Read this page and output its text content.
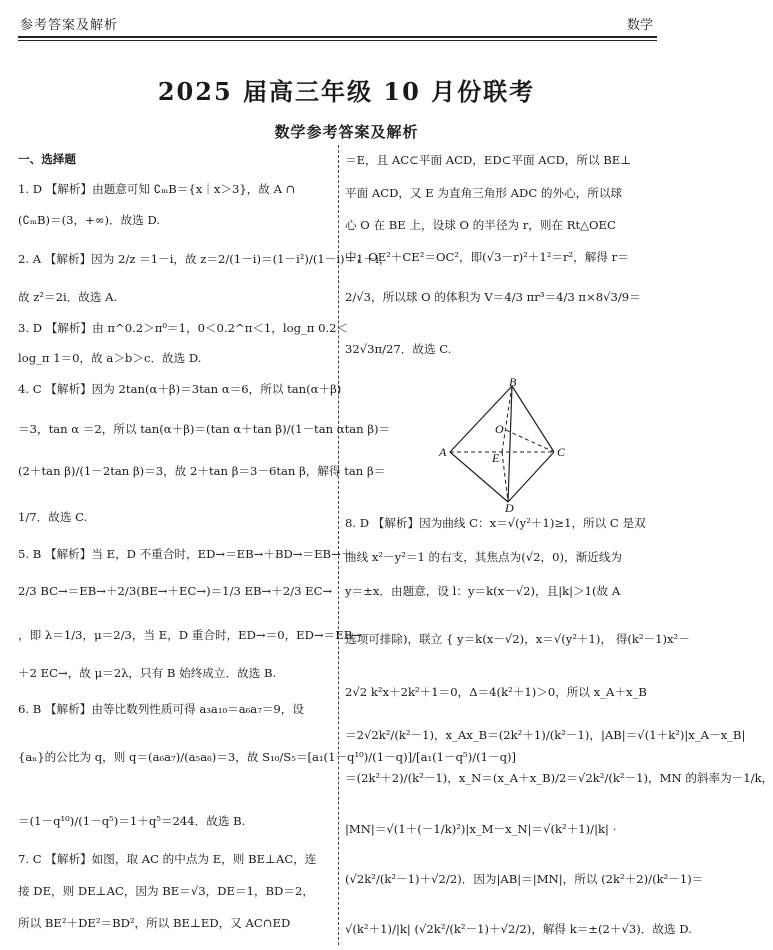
参考答案及解析	数学
2025 届高三年级 10 月份联考
数学参考答案及解析

一、选择题

1. D 【解析】由题意可知 ∁ₘB＝{x｜x＞3}，故 A ∩

(∁ₘB)＝(3，+∞)．故选 D.

2. A 【解析】因为 2/z ＝1－i，故 z＝2/(1－i)＝(1－i²)/(1－i)＝1＋i，

故 z²＝2i．故选 A.

3. D 【解析】由 π^0.2＞π⁰＝1，0＜0.2^π＜1，log_π 0.2＜

log_π 1＝0，故 a＞b＞c．故选 D.

4. C 【解析】因为 2tan(α＋β)＝3tan α＝6，所以 tan(α＋β)

＝3，tan α ＝2，所以 tan(α＋β)＝(tan α＋tan β)/(1－tan αtan β)＝

(2＋tan β)/(1－2tan β)＝3，故 2＋tan β＝3－6tan β，解得 tan β＝

1/7．故选 C.

5. B 【解析】当 E，D 不重合时，ED→＝EB→＋BD→＝EB→＋

2/3 BC→＝EB→＋2/3(BE→＋EC→)＝1/3 EB→＋2/3 EC→

，即 λ＝1/3，μ＝2/3，当 E，D 重合时，ED→＝0，ED→＝EB→

＋2 EC→，故 μ＝2λ，只有 B 始终成立．故选 B.

6. B 【解析】由等比数列性质可得 a₃a₁₀＝a₆a₇＝9，设

{aₙ}的公比为 q，则 q＝(a₆a₇)/(a₅a₆)＝3，故 S₁₀/S₅＝[a₁(1－q¹⁰)/(1－q)]/[a₁(1－q⁵)/(1－q)]

＝(1－q¹⁰)/(1－q⁵)＝1＋q⁵＝244．故选 B.

7. C 【解析】如图，取 AC 的中点为 E，则 BE⊥AC，连

接 DE，则 DE⊥AC，因为 BE＝√3，DE＝1，BD＝2，

所以 BE²＋DE²＝BD²，所以 BE⊥ED，又 AC∩ED

＝E，且 AC⊂平面 ACD，ED⊂平面 ACD，所以 BE⊥

平面 ACD，又 E 为直角三角形 ADC 的外心，所以球

心 O 在 BE 上，设球 O 的半径为 r，则在 Rt△OEC

中，OE²＋CE²＝OC²，即(√3－r)²＋1²＝r²，解得 r＝

2/√3，所以球 O 的体积为 V＝4/3 πr³＝4/3 π×8√3/9＝

32√3π/27．故选 C.

8. D 【解析】因为曲线 C：x＝√(y²＋1)≥1，所以 C 是双

曲线 x²－y²＝1 的右支，其焦点为(√2，0)，渐近线为

y＝±x．由题意，设 l：y＝k(x－√2)，且|k|＞1(故 A

选项可排除)，联立 { y＝k(x－√2)，x＝√(y²＋1)， 得(k²－1)x²－

2√2 k²x＋2k²＋1＝0，Δ＝4(k²＋1)＞0，所以 x_A＋x_B

＝2√2k²/(k²－1)，x_Ax_B＝(2k²＋1)/(k²－1)，|AB|＝√(1＋k²)|x_A－x_B|

＝(2k²＋2)/(k²－1)，x_N＝(x_A＋x_B)/2＝√2k²/(k²－1)，MN 的斜率为－1/k，

|MN|＝√(1＋(－1/k)²)|x_M－x_N|＝√(k²＋1)/|k| ·

(√2k²/(k²－1)＋√2/2)．因为|AB|＝|MN|，所以 (2k²＋2)/(k²－1)＝

√(k²＋1)/|k| (√2k²/(k²－1)＋√2/2)，解得 k＝±(2＋√3)．故选 D.

B
O
E
A	C
D
